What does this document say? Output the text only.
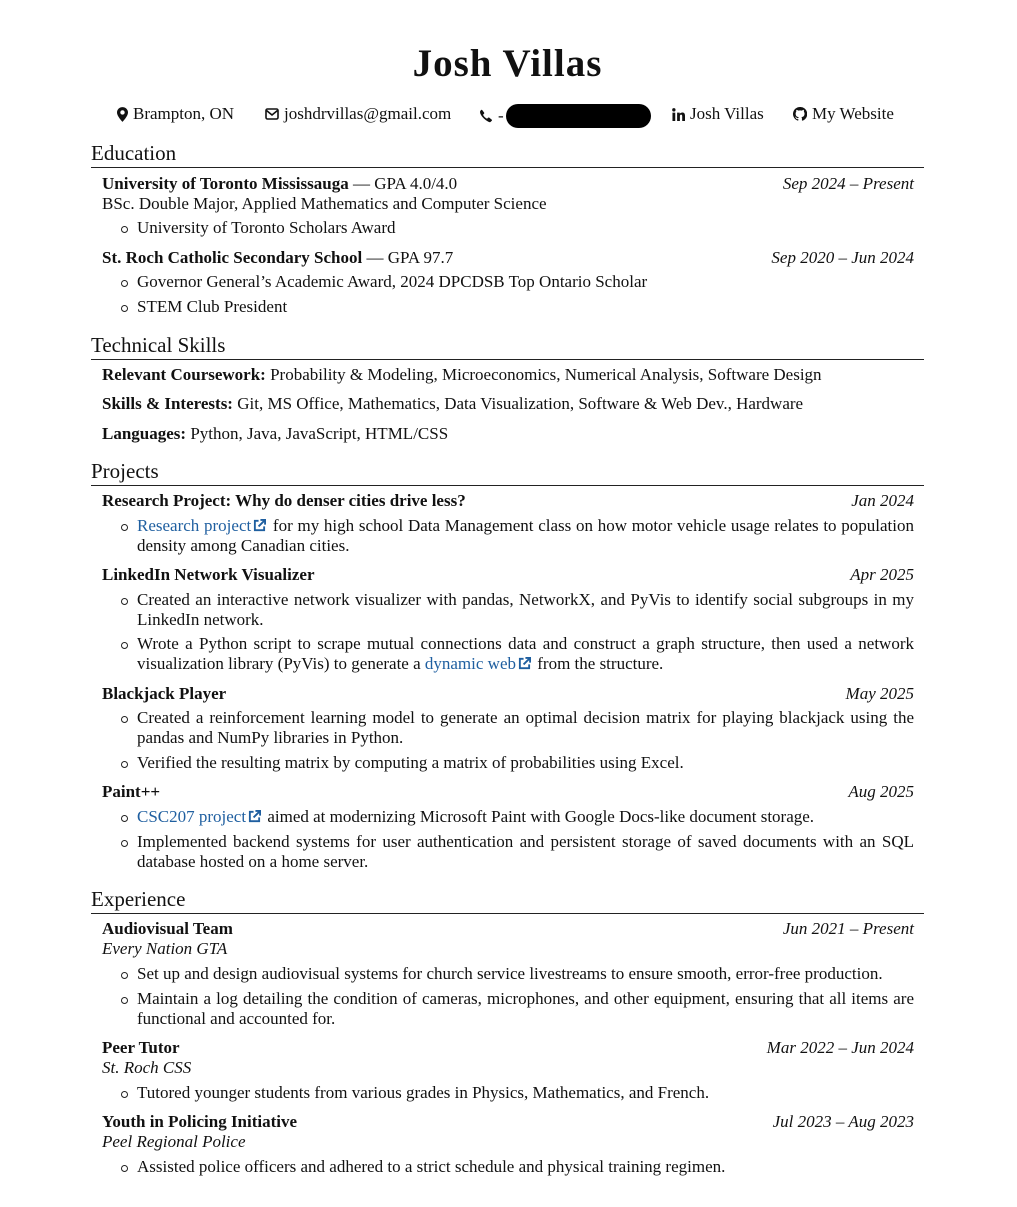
Josh Villas
Brampton, ON	joshdrvillas@gmail.com	-	Josh Villas	My Website
Education
University of Toronto Mississauga — GPA 4.0/4.0	Sep 2024 – Present
BSc. Double Major, Applied Mathematics and Computer Science
University of Toronto Scholars Award
St. Roch Catholic Secondary School — GPA 97.7	Sep 2020 – Jun 2024
Governor General’s Academic Award, 2024 DPCDSB Top Ontario Scholar
STEM Club President
Technical Skills
Relevant Coursework: Probability & Modeling, Microeconomics, Numerical Analysis, Software Design
Skills & Interests: Git, MS Office, Mathematics, Data Visualization, Software & Web Dev., Hardware
Languages: Python, Java, JavaScript, HTML/CSS
Projects
Research Project: Why do denser cities drive less?	Jan 2024
Research project for my high school Data Management class on how motor vehicle usage relates to population density among Canadian cities.
LinkedIn Network Visualizer	Apr 2025
Created an interactive network visualizer with pandas, NetworkX, and PyVis to identify social subgroups in my LinkedIn network.
Wrote a Python script to scrape mutual connections data and construct a graph structure, then used a network visualization library (PyVis) to generate a dynamic web from the structure.
Blackjack Player	May 2025
Created a reinforcement learning model to generate an optimal decision matrix for playing blackjack using the pandas and NumPy libraries in Python.
Verified the resulting matrix by computing a matrix of probabilities using Excel.
Paint++	Aug 2025
CSC207 project aimed at modernizing Microsoft Paint with Google Docs-like document storage.
Implemented backend systems for user authentication and persistent storage of saved documents with an SQL database hosted on a home server.
Experience
Audiovisual Team	Jun 2021 – Present
Every Nation GTA
Set up and design audiovisual systems for church service livestreams to ensure smooth, error-free production.
Maintain a log detailing the condition of cameras, microphones, and other equipment, ensuring that all items are functional and accounted for.
Peer Tutor	Mar 2022 – Jun 2024
St. Roch CSS
Tutored younger students from various grades in Physics, Mathematics, and French.
Youth in Policing Initiative	Jul 2023 – Aug 2023
Peel Regional Police
Assisted police officers and adhered to a strict schedule and physical training regimen.
